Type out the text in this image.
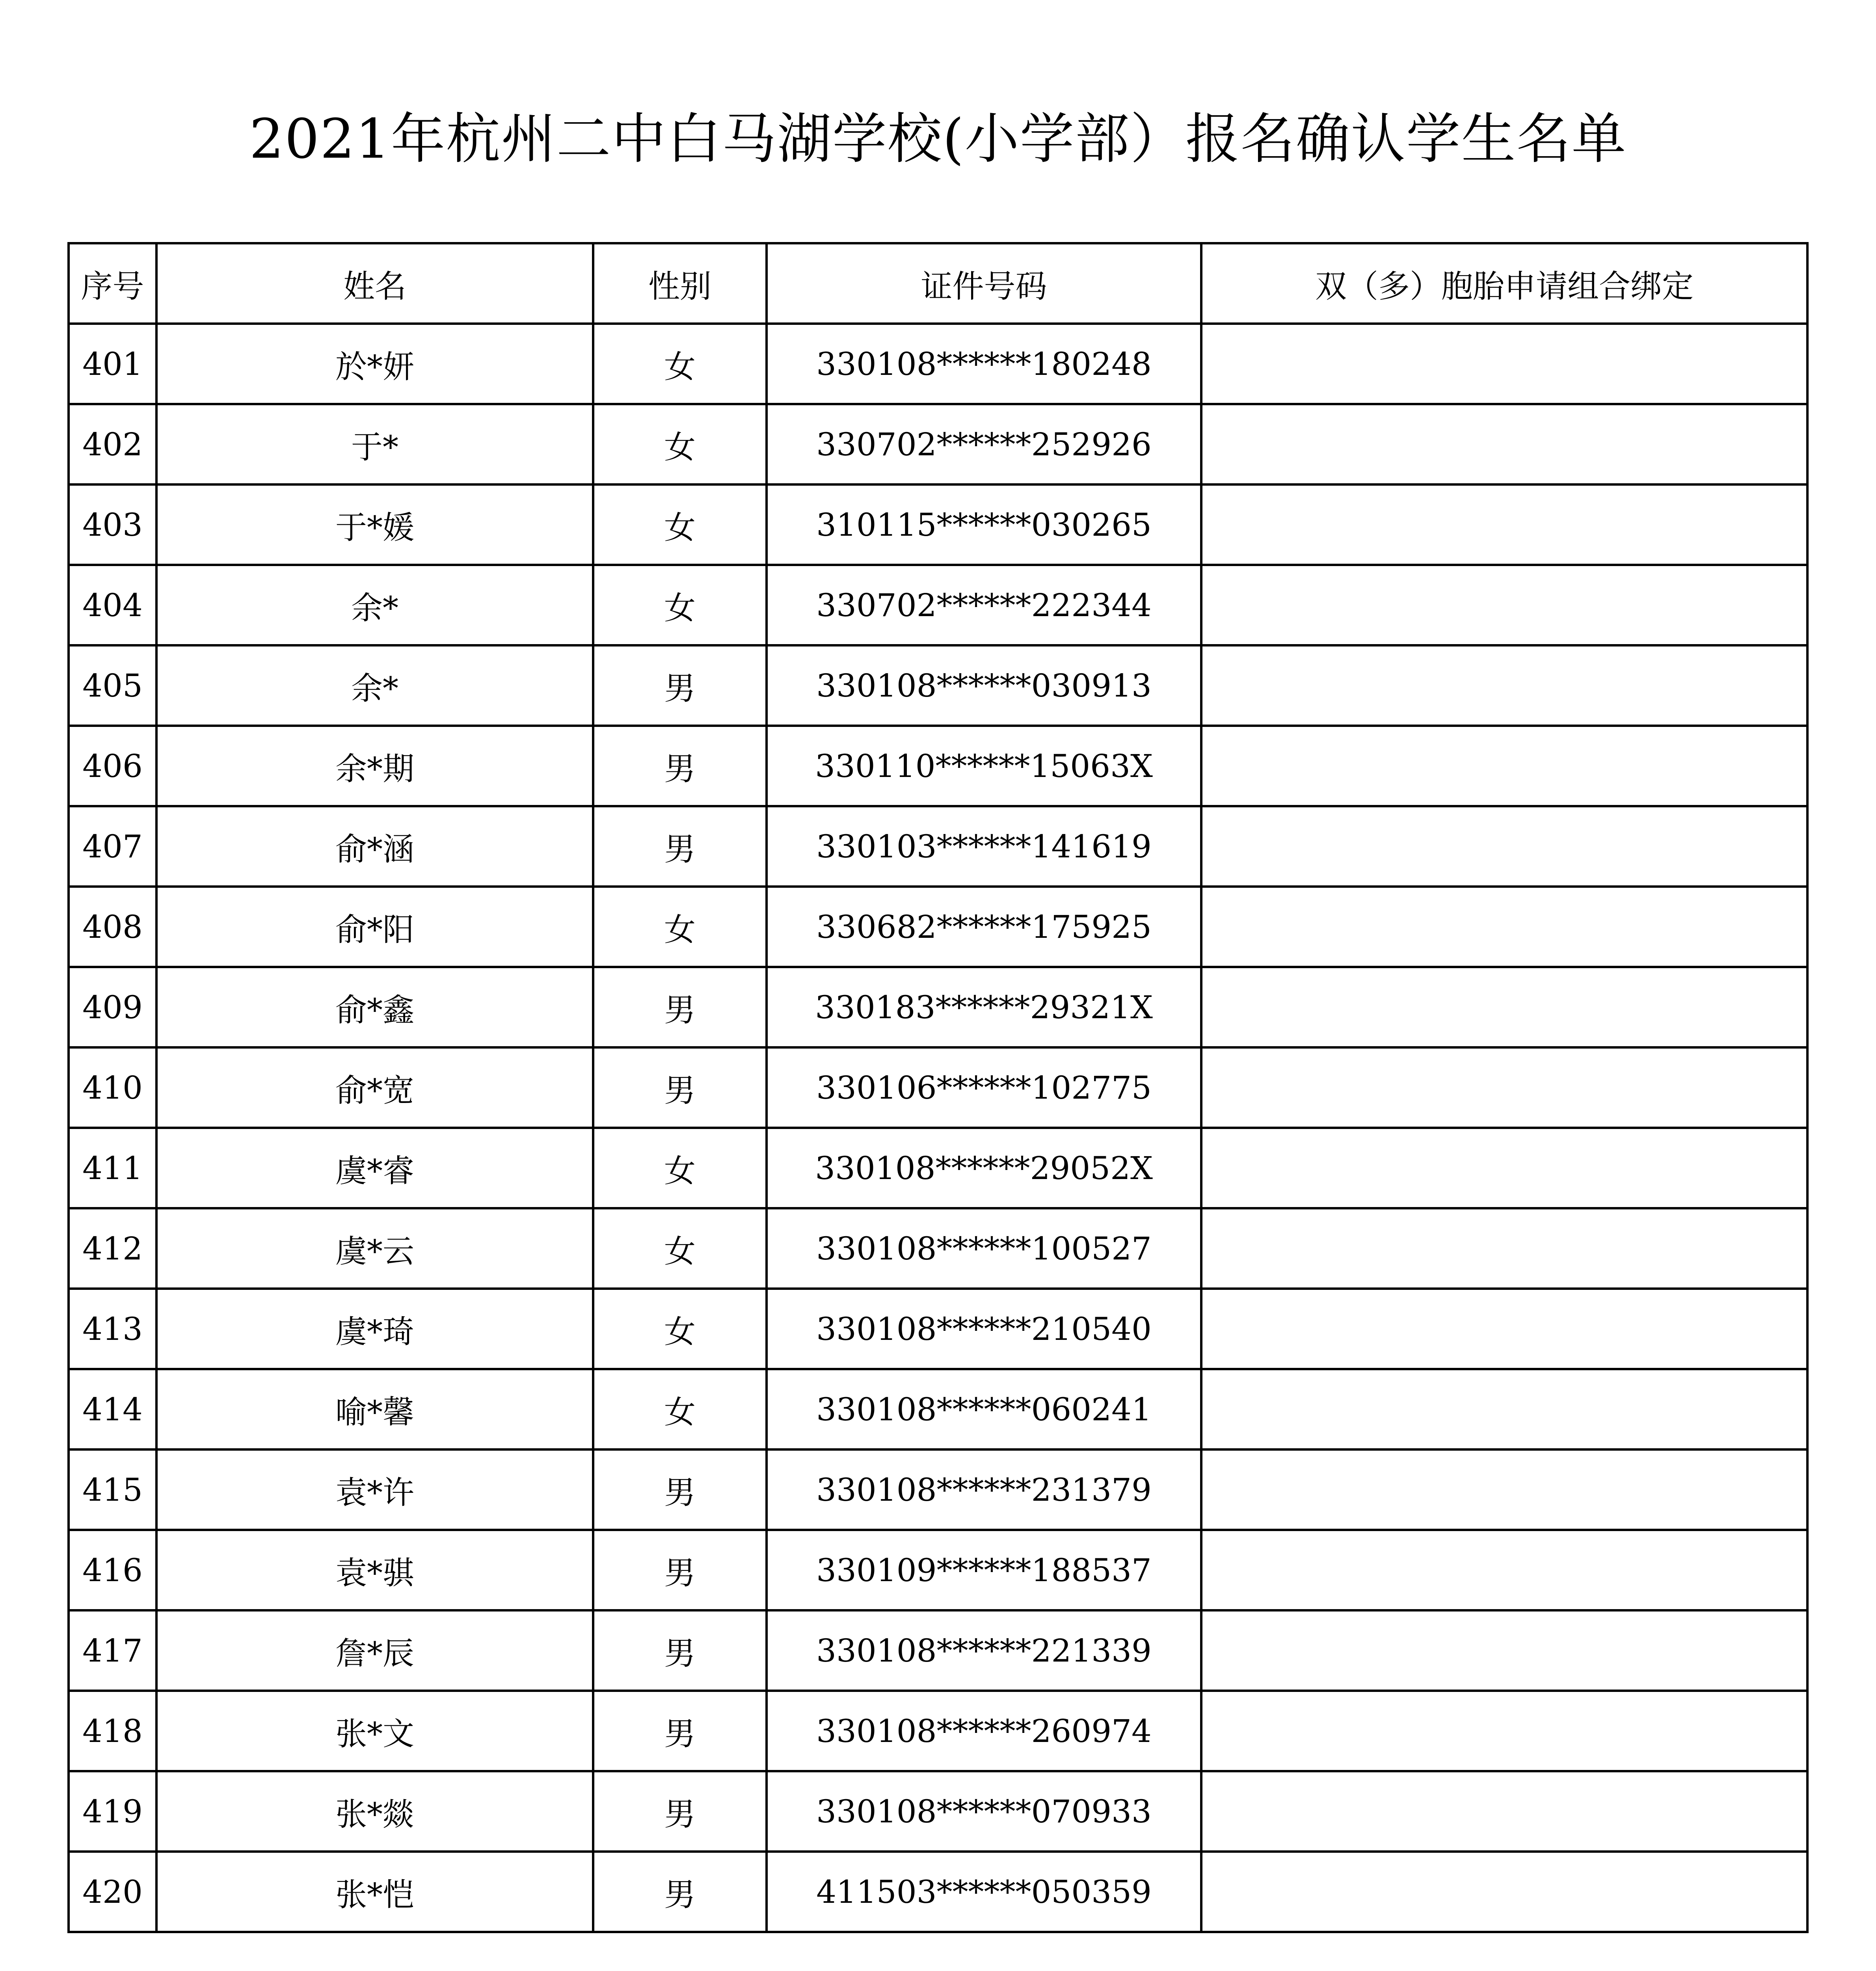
2021年杭州二中白马湖学校(小学部）报名确认学生名单
序号	姓名	性别	证件号码	双（多）胞胎申请组合绑定
401	於*妍	女	330108******180248	
402	于*	女	330702******252926	
403	于*媛	女	310115******030265	
404	余*	女	330702******222344	
405	余*	男	330108******030913	
406	余*期	男	330110******15063X	
407	俞*涵	男	330103******141619	
408	俞*阳	女	330682******175925	
409	俞*鑫	男	330183******29321X	
410	俞*宽	男	330106******102775	
411	虞*睿	女	330108******29052X	
412	虞*云	女	330108******100527	
413	虞*琦	女	330108******210540	
414	喻*馨	女	330108******060241	
415	袁*许	男	330108******231379	
416	袁*骐	男	330109******188537	
417	詹*辰	男	330108******221339	
418	张*文	男	330108******260974	
419	张*燚	男	330108******070933	
420	张*恺	男	411503******050359	
